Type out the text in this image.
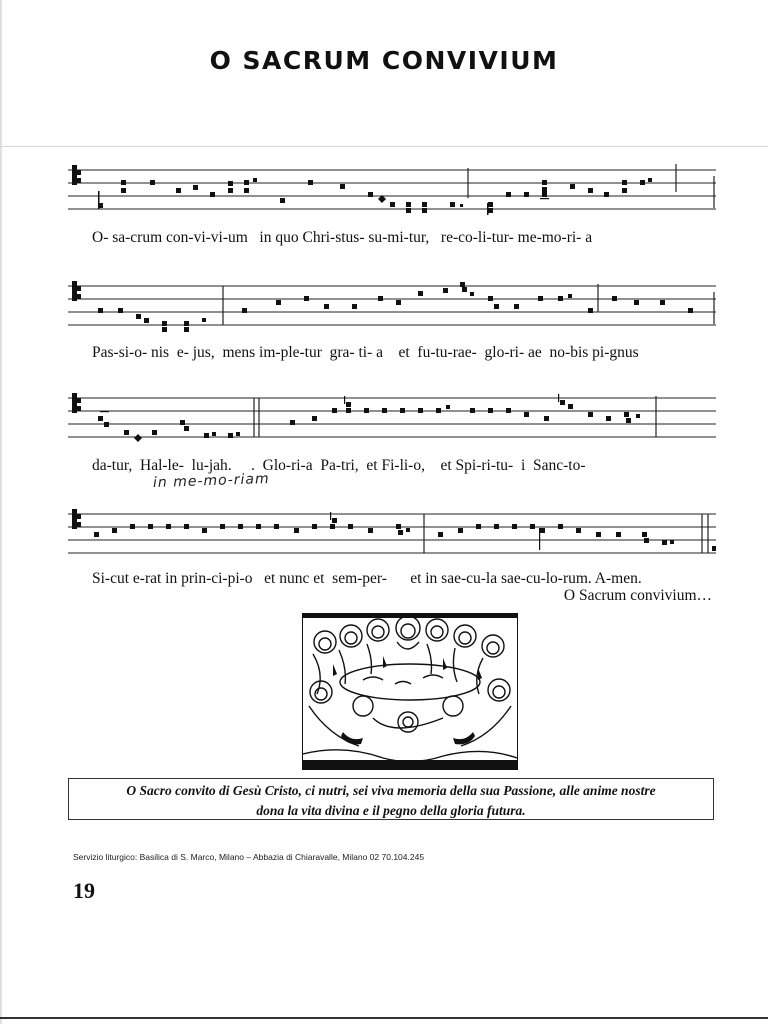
O SACRUM CONVIVIUM
O- sa-crum con-vi-vi-um   in quo Chri-stus- su-mi-tur,   re-co-li-tur- me-mo-ri- a
Pas-si-o- nis  e- jus,  mens im-ple-tur  gra- ti- a    et  fu-tu-rae-  glo-ri- ae  no-bis pi-gnus
da-tur,  Hal-le-  lu-jah.     .  Glo-ri-a  Pa-tri,  et Fi-li-o,    et Spi-ri-tu-  i  Sanc-to-
in me-mo-riam
Si-cut e-rat in prin-ci-pi-o   et nunc et  sem-per-      et in sae-cu-la sae-cu-lo-rum. A-men.
O Sacrum convivium…
O Sacro convito di Gesù Cristo, ci nutri, sei viva memoria della sua Passione, alle anime nostre
dona la vita divina e il pegno della gloria futura.
Servizio liturgico: Basilica di S. Marco, Milano – Abbazia di Chiaravalle, Milano 02 70.104.245
19
